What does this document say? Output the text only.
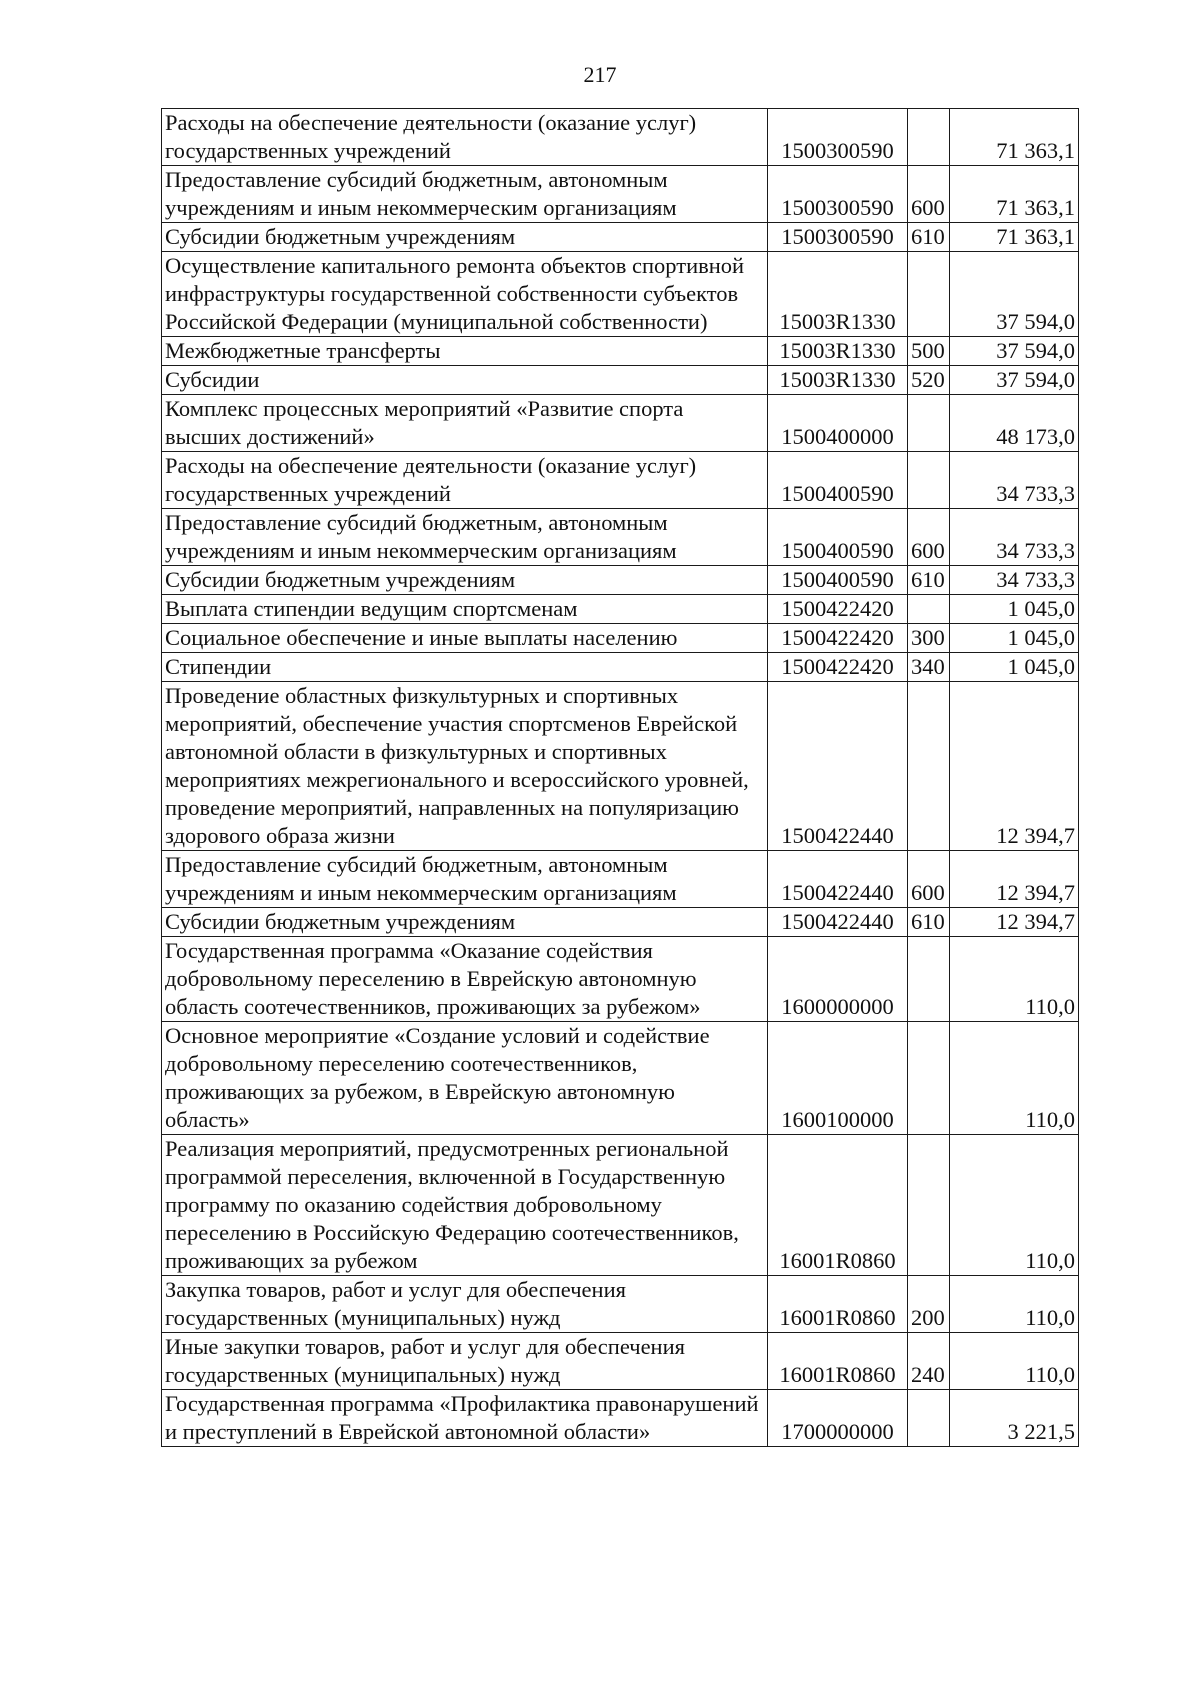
217
Расходы на обеспечение деятельности (оказание услуг) государственных учреждений	1500300590		71 363,1
Предоставление субсидий бюджетным, автономным учреждениям и иным некоммерческим организациям	1500300590	600	71 363,1
Субсидии бюджетным учреждениям	1500300590	610	71 363,1
Осуществление капитального ремонта объектов спортивной инфраструктуры государственной собственности субъектов Российской Федерации (муниципальной собственности)	15003R1330		37 594,0
Межбюджетные трансферты	15003R1330	500	37 594,0
Субсидии	15003R1330	520	37 594,0
Комплекс процессных мероприятий «Развитие спорта высших достижений»	1500400000		48 173,0
Расходы на обеспечение деятельности (оказание услуг) государственных учреждений	1500400590		34 733,3
Предоставление субсидий бюджетным, автономным учреждениям и иным некоммерческим организациям	1500400590	600	34 733,3
Субсидии бюджетным учреждениям	1500400590	610	34 733,3
Выплата стипендии ведущим спортсменам	1500422420		1 045,0
Социальное обеспечение и иные выплаты населению	1500422420	300	1 045,0
Стипендии	1500422420	340	1 045,0
Проведение областных физкультурных и спортивных мероприятий, обеспечение участия спортсменов Еврейской автономной области в физкультурных и спортивных мероприятиях межрегионального и всероссийского уровней, проведение мероприятий, направленных на популяризацию здорового образа жизни	1500422440		12 394,7
Предоставление субсидий бюджетным, автономным учреждениям и иным некоммерческим организациям	1500422440	600	12 394,7
Субсидии бюджетным учреждениям	1500422440	610	12 394,7
Государственная программа «Оказание содействия добровольному переселению в Еврейскую автономную область соотечественников, проживающих за рубежом»	1600000000		110,0
Основное мероприятие «Создание условий и содействие добровольному переселению соотечественников, проживающих за рубежом, в Еврейскую автономную область»	1600100000		110,0
Реализация мероприятий, предусмотренных региональной программой переселения, включенной в Государственную программу по оказанию содействия добровольному переселению в Российскую Федерацию соотечественников, проживающих за рубежом	16001R0860		110,0
Закупка товаров, работ и услуг для обеспечения государственных (муниципальных) нужд	16001R0860	200	110,0
Иные закупки товаров, работ и услуг для обеспечения государственных (муниципальных) нужд	16001R0860	240	110,0
Государственная программа «Профилактика правонарушений и преступлений в Еврейской автономной области»	1700000000		3 221,5
